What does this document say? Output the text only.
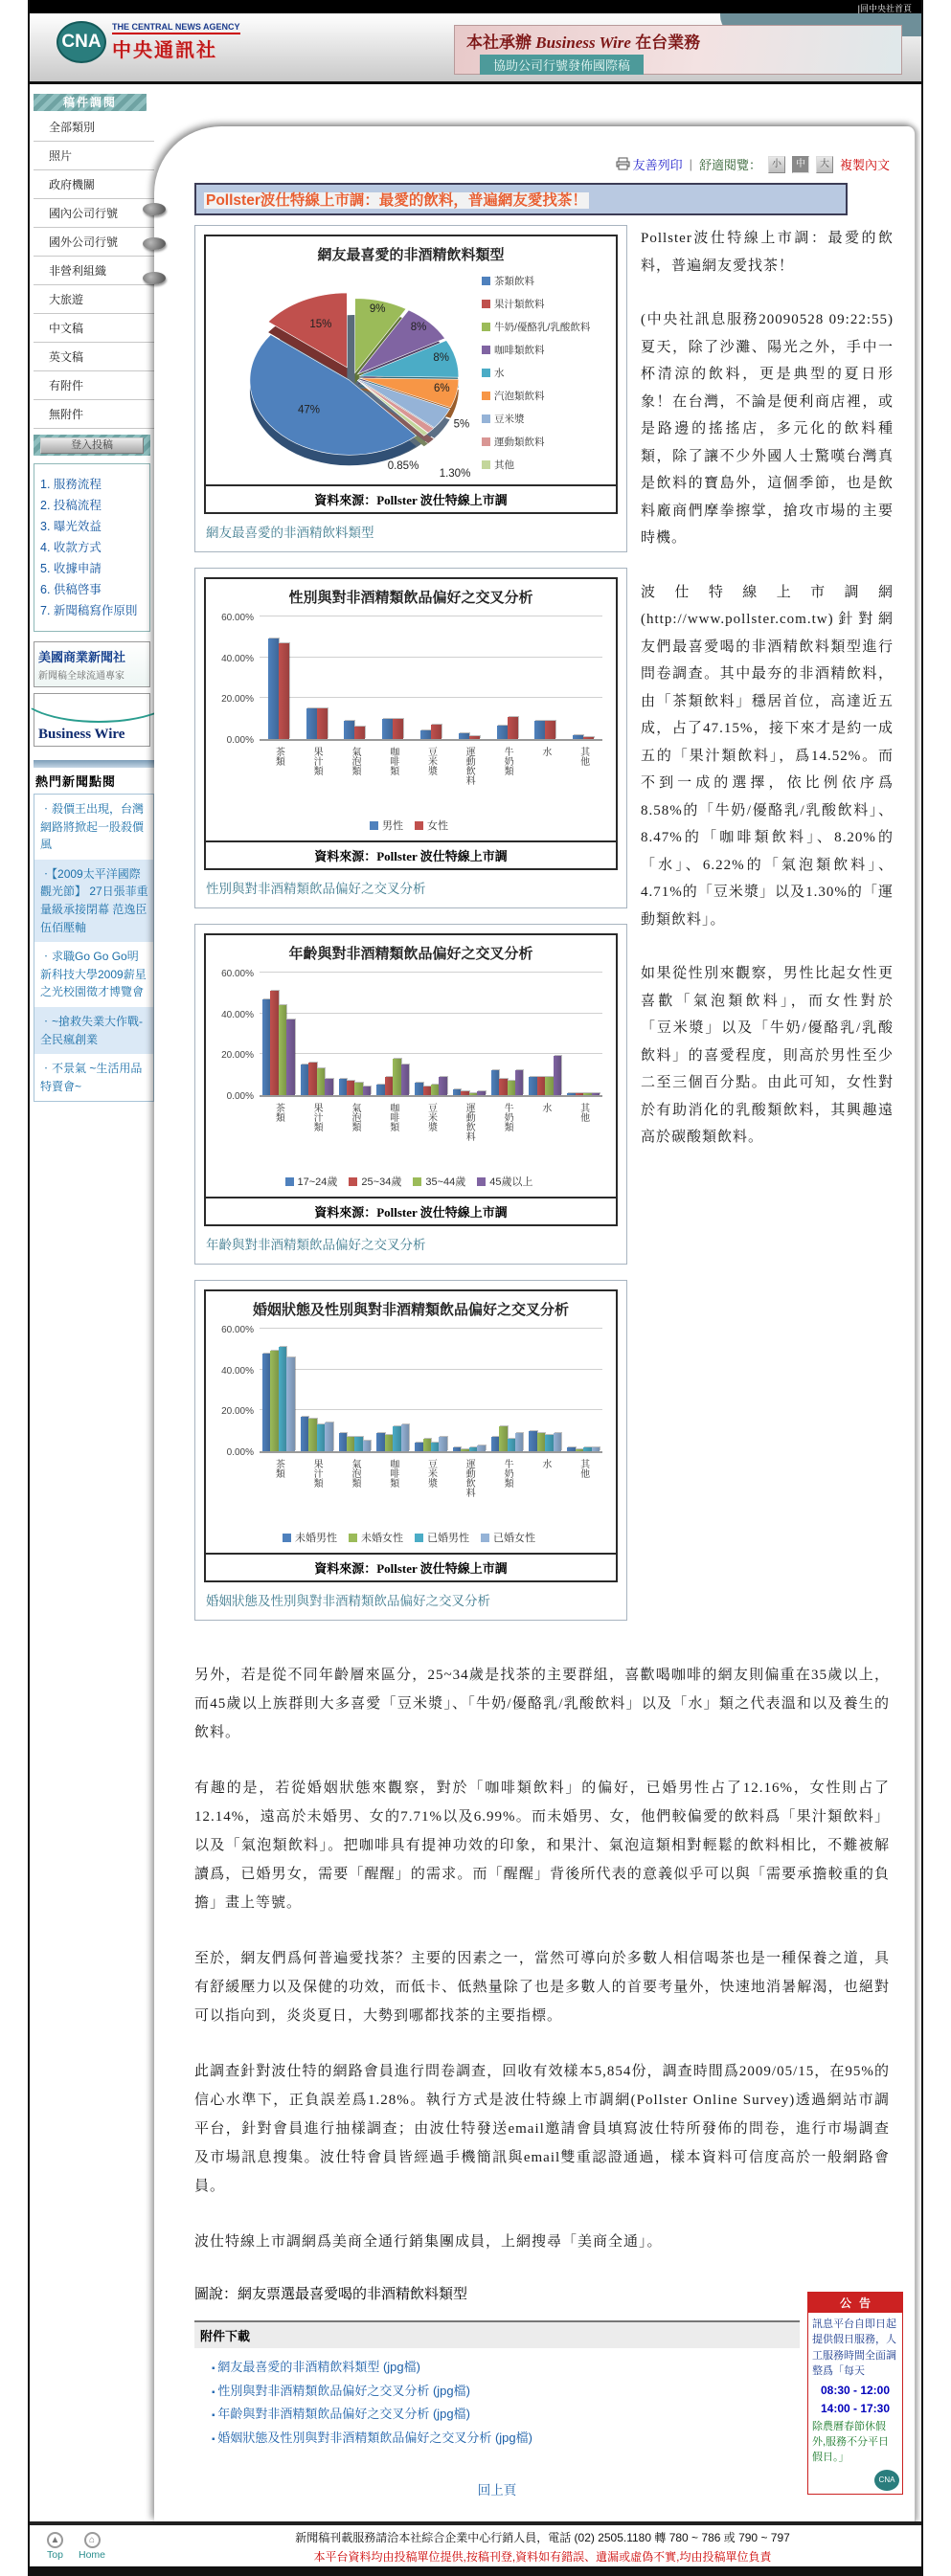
|回中央社首頁
CNA
THE CENTRAL NEWS AGENCY
中央通訊社	本社承辦 Business Wire 在台業務
協助公司行號發佈國際稿
稿件調閱
全部類別
照片
政府機關
國內公司行號
國外公司行號
非營利組織
大旅遊
中文稿
英文稿
有附件
無附件
登入投稿
1. 服務流程
2. 投稿流程
3. 曝光效益
4. 收款方式
5. 收據申請
6. 供稿啓事
7. 新聞稿寫作原則
美國商業新聞社
新聞稿全球流通專家
Business Wire
熱門新聞點閱
‧ 殺價王出現，台灣網路將掀起一股殺價風
‧ 【2009太平洋國際觀光節】 27日張菲重量級承接閉幕 范逸臣伍佰壓軸
‧ 求職Go Go Go明新科技大學2009薪星之光校園徵才博覽會
‧ ~搶救失業大作戰-全民瘋創業
‧ 不景氣 ~生活用品特賣會~
友善列印 | 舒適閱覽：	小	中	大 複製內文
Pollster波仕特線上市調：最愛的飲料，普遍網友愛找茶！
網友最喜愛的非酒精飲料類型
9%
8%
8%
6%
5%
1.30%
0.85%
47%
15%
茶類飲料
果汁類飲料
牛奶/優酪乳/乳酸飲料
咖啡類飲料
水
汽泡類飲料
豆米漿
運動類飲料
其他
資料來源：Pollster 波仕特線上市調
網友最喜愛的非酒精飲料類型
性別與對非酒精類飲品偏好之交叉分析
0.00%
20.00%
40.00%
60.00%
茶類	果汁類	氣泡類	咖啡類	豆米漿	運動飲料	牛奶類	水	其他
男性 女性
資料來源：Pollster 波仕特線上市調
性別與對非酒精類飲品偏好之交叉分析
年齡與對非酒精類飲品偏好之交叉分析
0.00%
20.00%
40.00%
60.00%
茶類	果汁類	氣泡類	咖啡類	豆米漿	運動飲料	牛奶類	水	其他
17~24歲 25~34歲 35~44歲 45歲以上
資料來源：Pollster 波仕特線上市調
年齡與對非酒精類飲品偏好之交叉分析
婚姻狀態及性別與對非酒精類飲品偏好之交叉分析
0.00%
20.00%
40.00%
60.00%
茶類	果汁類	氣泡類	咖啡類	豆米漿	運動飲料	牛奶類	水	其他
未婚男性 未婚女性 已婚男性 已婚女性
資料來源：Pollster 波仕特線上市調
婚姻狀態及性別與對非酒精類飲品偏好之交叉分析
Pollster波仕特線上市調：最愛的飲料，普遍網友愛找茶！
(中央社訊息服務20090528 09:22:55)夏天，除了沙灘、陽光之外，手中一杯清涼的飲料，更是典型的夏日形象！在台灣，不論是便利商店裡，或是路邊的搖搖店，多元化的飲料種類，除了讓不少外國人士驚嘆台灣真是飲料的寶島外，這個季節，也是飲料廠商們摩拳擦掌，搶攻市場的主要時機。
波仕特線上市調網(http://www.pollster.com.tw)針對網友們最喜愛喝的非酒精飲料類型進行問卷調查。其中最夯的非酒精飲料，由「茶類飲料」穩居首位，高達近五成，占了47.15%，接下來才是約一成五的「果汁類飲料」，爲14.52%。而不到一成的選擇，依比例依序爲8.58%的「牛奶/優酪乳/乳酸飲料」、8.47%的「咖啡類飲料」、8.20%的「水」、6.22%的「氣泡類飲料」、4.71%的「豆米漿」以及1.30%的「運動類飲料」。
如果從性別來觀察，男性比起女性更喜歡「氣泡類飲料」，而女性對於「豆米漿」以及「牛奶/優酪乳/乳酸飲料」的喜愛程度，則高於男性至少二至三個百分點。由此可知，女性對於有助消化的乳酸類飲料，其興趣遠高於碳酸類飲料。
另外，若是從不同年齡層來區分，25~34歲是找茶的主要群組，喜歡喝咖啡的網友則偏重在35歲以上，而45歲以上族群則大多喜愛「豆米漿」、「牛奶/優酪乳/乳酸飲料」以及「水」類之代表溫和以及養生的飲料。
有趣的是，若從婚姻狀態來觀察，對於「咖啡類飲料」的偏好，已婚男性占了12.16%，女性則占了12.14%，遠高於未婚男、女的7.71%以及6.99%。而未婚男、女，他們較偏愛的飲料爲「果汁類飲料」以及「氣泡類飲料」。把咖啡具有提神功效的印象，和果汁、氣泡這類相對輕鬆的飲料相比，不難被解讀爲，已婚男女，需要「醒醒」的需求。而「醒醒」背後所代表的意義似乎可以與「需要承擔較重的負擔」畫上等號。
至於，網友們爲何普遍愛找茶？主要的因素之一，當然可導向於多數人相信喝茶也是一種保養之道，具有舒緩壓力以及保健的功效，而低卡、低熱量除了也是多數人的首要考量外，快速地消暑解渴，也絕對可以指向到，炎炎夏日，大勢到哪都找茶的主要指標。
此調查針對波仕特的網路會員進行問卷調查，回收有效樣本5,854份，調查時間爲2009/05/15，在95%的信心水準下，正負誤差爲1.28%。執行方式是波仕特線上市調網(Pollster Online Survey)透過網站市調平台，針對會員進行抽樣調查；由波仕特發送email邀請會員填寫波仕特所發佈的問卷，進行市場調查及市場訊息搜集。波仕特會員皆經過手機簡訊與email雙重認證通過，樣本資料可信度高於一般網路會員。
波仕特線上市調網爲美商全通行銷集團成員，上網搜尋「美商全通」。
圖說：網友票選最喜愛喝的非酒精飲料類型
附件下載
▪ 網友最喜愛的非酒精飲料類型 (jpg檔)
▪ 性別與對非酒精類飲品偏好之交叉分析 (jpg檔)
▪ 年齡與對非酒精類飲品偏好之交叉分析 (jpg檔)
▪ 婚姻狀態及性別與對非酒精類飲品偏好之交叉分析 (jpg檔)
回上頁
公告
訊息平台自即日起提供假日服務，人工服務時間全面調整爲「每天
08:30 - 12:00
14:00 - 17:30
除農曆春節休假外,服務不分平日假日。」
CNA
▲
Top
⌂
Home
新聞稿刊載服務請洽本社綜合企業中心行銷人員，電話 (02) 2505.1180 轉 780 ~ 786 或 790 ~ 797
本平台資料均由投稿單位提供,按稿刊登,資料如有錯誤、遺漏或虛偽不實,均由投稿單位負責
